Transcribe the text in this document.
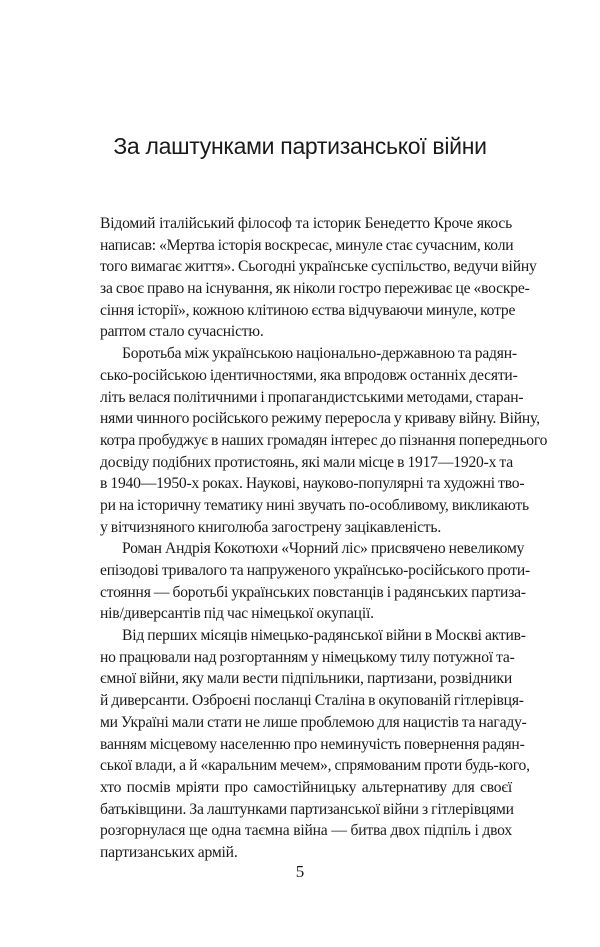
За лаштунками партизанської війни
Відомий італійський філософ та історик Бенедетто Кроче якось
написав: «Мертва історія воскресає, минуле стає сучасним, коли
того вимагає життя». Сьогодні українське суспільство, ведучи війну
за своє право на існування, як ніколи гостро переживає це «воскре-
сіння історії», кожною клітиною єства відчуваючи минуле, котре
раптом стало сучасністю.
Боротьба між українською національно-державною та радян-
сько-російською ідентичностями, яка впродовж останніх десяти-
літь велася політичними і пропагандистськими методами, старан-
нями чинного російського режиму переросла у криваву війну. Війну,
котра пробуджує в наших громадян інтерес до пізнання попереднього
досвіду подібних протистоянь, які мали місце в 1917—1920-х та
в 1940—1950-х роках. Наукові, науково-популярні та художні тво-
ри на історичну тематику нині звучать по-особливому, викликають
у вітчизняного книголюба загострену зацікавленість.
Роман Андрія Кокотюхи «Чорний ліс» присвячено невеликому
епізодові тривалого та напруженого українсько-російського проти-
стояння — боротьбі українських повстанців і радянських партиза-
нів/диверсантів під час німецької окупації.
Від перших місяців німецько-радянської війни в Москві актив-
но працювали над розгортанням у німецькому тилу потужної та-
ємної війни, яку мали вести підпільники, партизани, розвідники
й диверсанти. Озброєні посланці Сталіна в окупованій гітлерівця-
ми Україні мали стати не лише проблемою для нацистів та нагаду-
ванням місцевому населенню про неминучість повернення радян-
ської влади, а й «каральним мечем», спрямованим проти будь-кого,
хто посмів мріяти про самостійницьку альтернативу для своєї
батьківщини. За лаштунками партизанської війни з гітлерівцями
розгорнулася ще одна таємна війна — битва двох підпіль і двох
партизанських армій.
5
